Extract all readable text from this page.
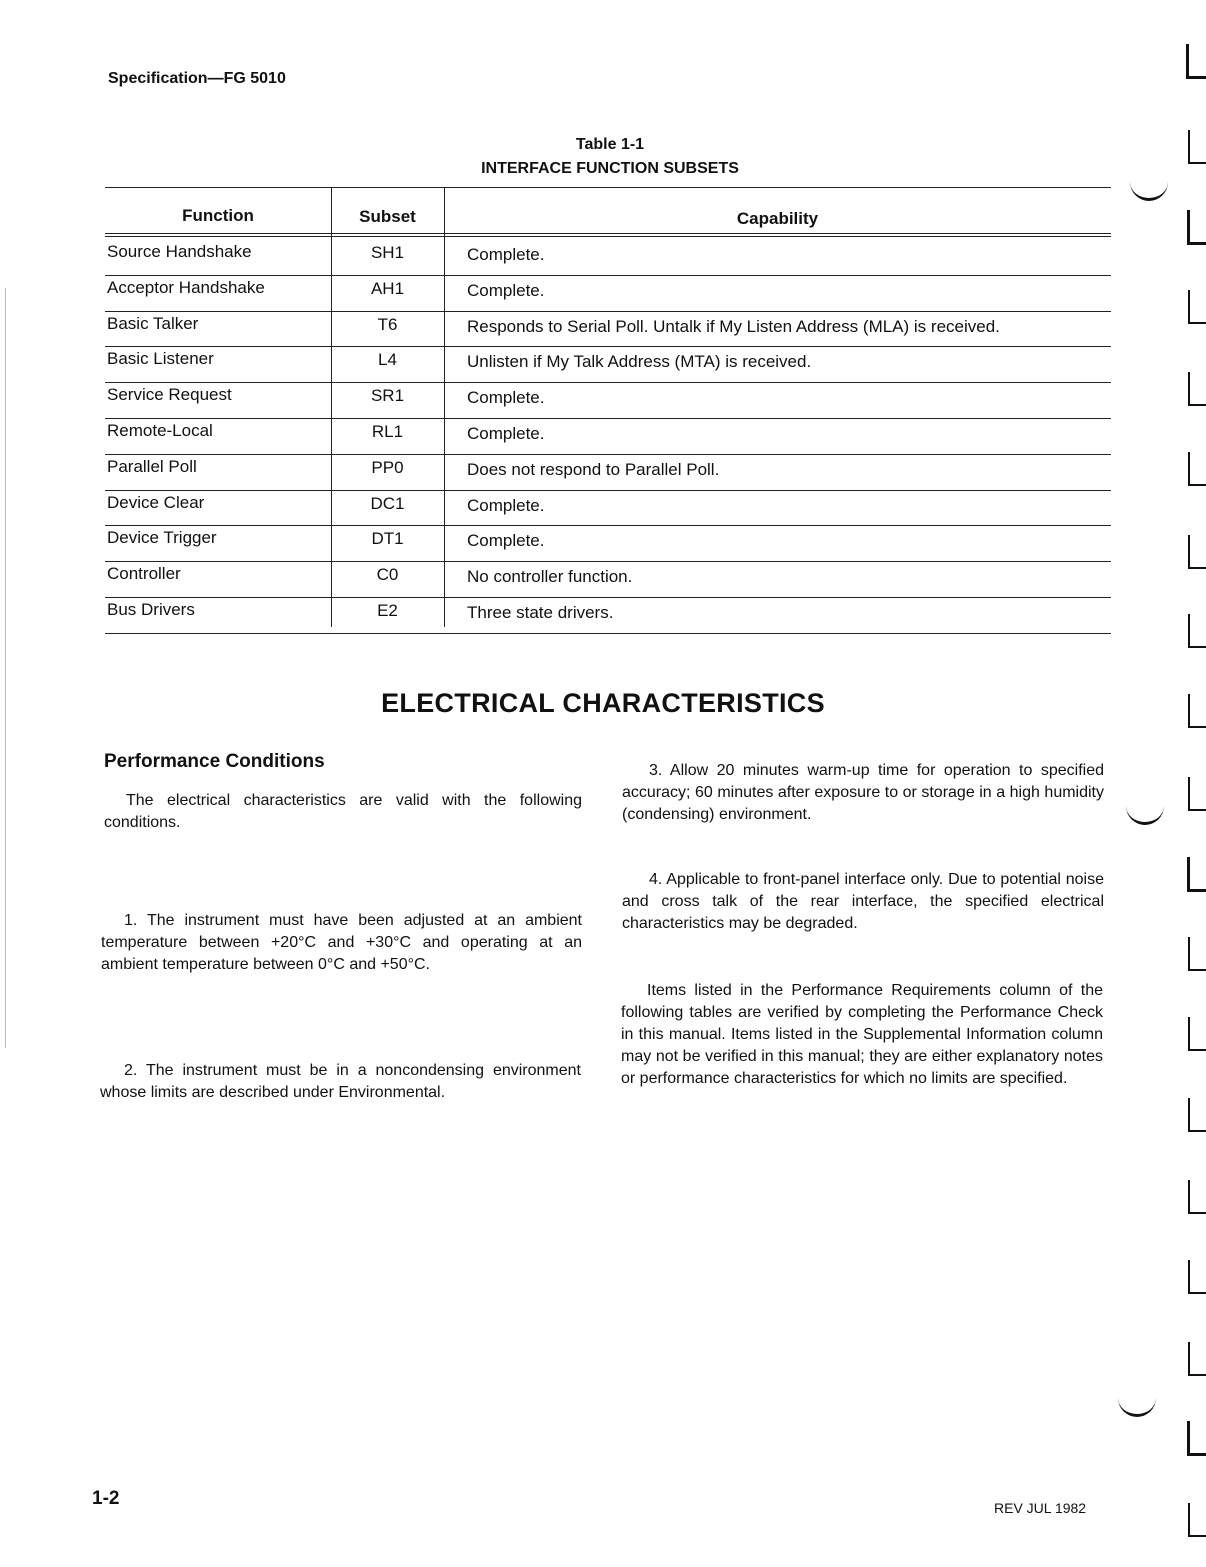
Specification—FG 5010
Table 1-1
INTERFACE FUNCTION SUBSETS
Function	Subset	Capability
Source Handshake	SH1	Complete.
Acceptor Handshake	AH1	Complete.
Basic Talker	T6	Responds to Serial Poll. Untalk if My Listen Address (MLA) is received.
Basic Listener	L4	Unlisten if My Talk Address (MTA) is received.
Service Request	SR1	Complete.
Remote-Local	RL1	Complete.
Parallel Poll	PP0	Does not respond to Parallel Poll.
Device Clear	DC1	Complete.
Device Trigger	DT1	Complete.
Controller	C0	No controller function.
Bus Drivers	E2	Three state drivers.
ELECTRICAL CHARACTERISTICS
Performance Conditions
The electrical characteristics are valid with the following conditions.
1. The instrument must have been adjusted at an ambient temperature between +20°C and +30°C and operating at an ambient temperature between 0°C and +50°C.
2. The instrument must be in a noncondensing environment whose limits are described under Environmental.
3. Allow 20 minutes warm-up time for operation to specified accuracy; 60 minutes after exposure to or storage in a high humidity (condensing) environment.
4. Applicable to front-panel interface only. Due to potential noise and cross talk of the rear interface, the specified electrical characteristics may be degraded.
Items listed in the Performance Requirements column of the following tables are verified by completing the Performance Check in this manual. Items listed in the Supplemental Information column may not be verified in this manual; they are either explanatory notes or performance characteristics for which no limits are specified.
1-2	REV JUL 1982
